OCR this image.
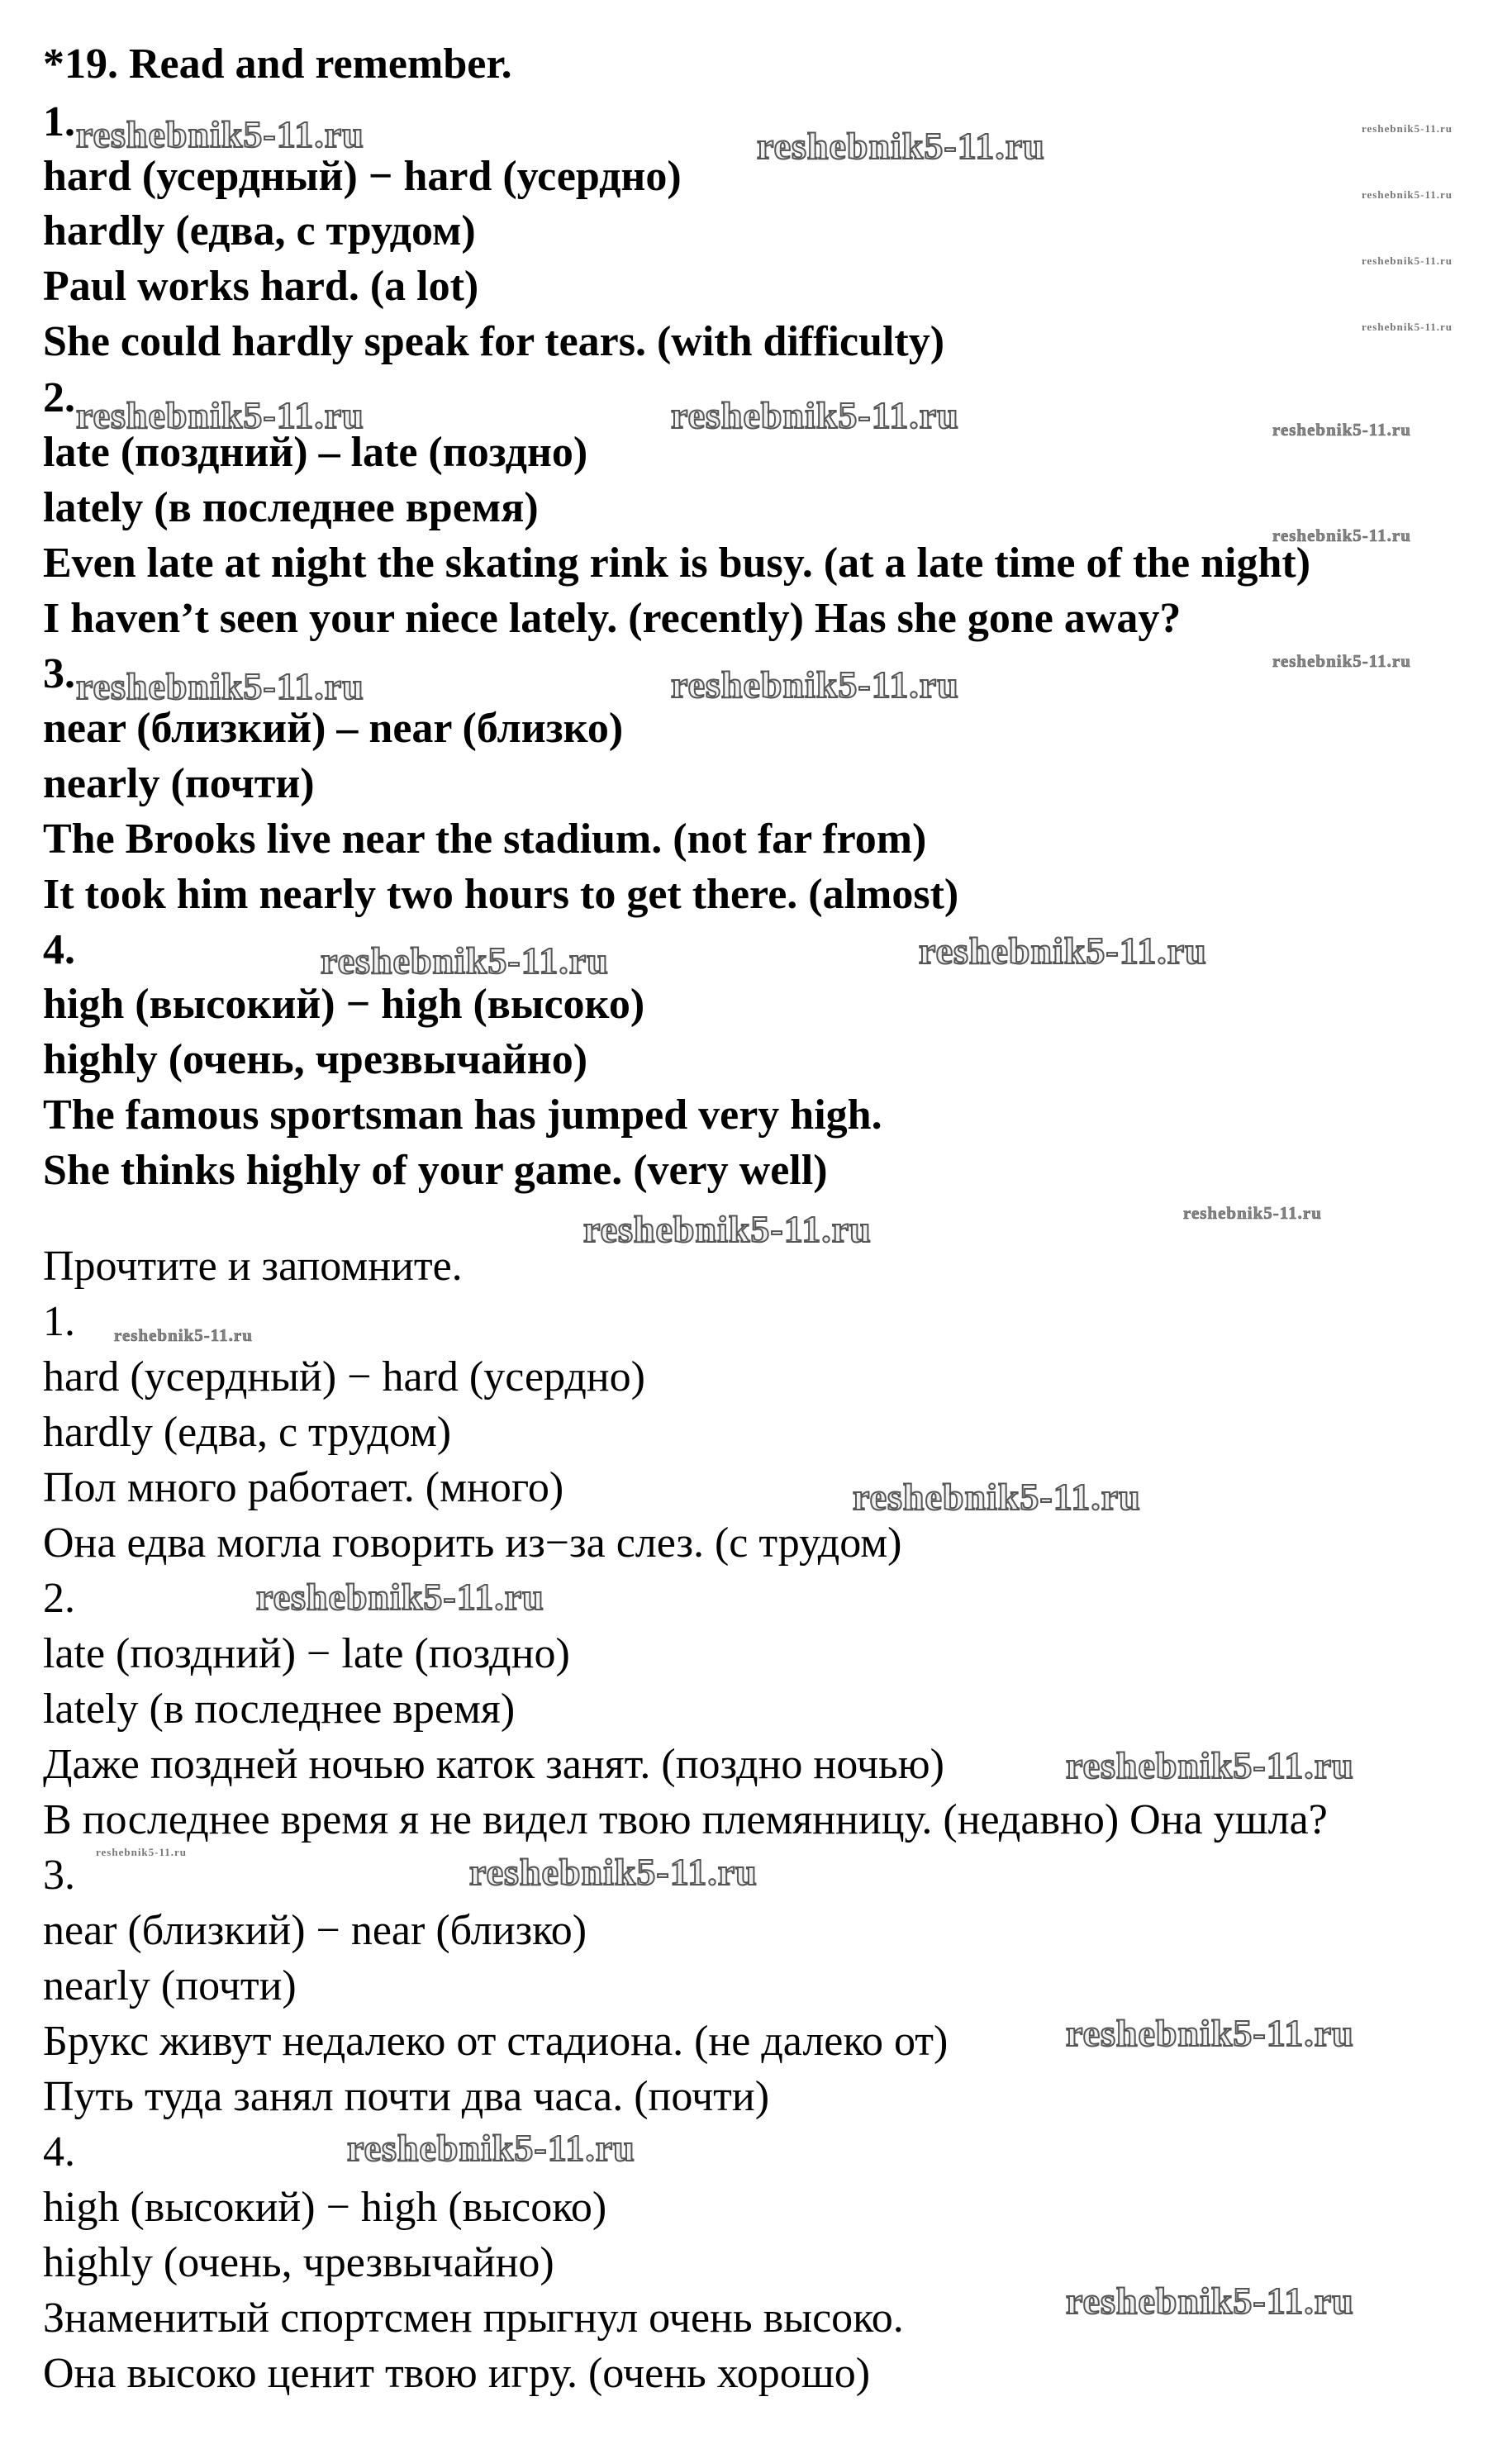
*19. Read and remember.
1.
hard (усердный) − hard (усердно)
hardly (едва, с трудом)
Paul works hard. (a lot)
She could hardly speak for tears. (with difficulty)
2.
late (поздний) – late (поздно)
lately (в последнее время)
Even late at night the skating rink is busy. (at a late time of the night)
I haven’t seen your niece lately. (recently) Has she gone away?
3.
near (близкий) – near (близко)
nearly (почти)
The Brooks live near the stadium. (not far from)
It took him nearly two hours to get there. (almost)
4.
high (высокий) − high (высоко)
highly (очень, чрезвычайно)
The famous sportsman has jumped very high.
She thinks highly of your game. (very well)
Прочтите и запомните.
1.
hard (усердный) − hard (усердно)
hardly (едва, с трудом)
Пол много работает. (много)
Она едва могла говорить из−за слез. (с трудом)
2.
late (поздний) − late (поздно)
lately (в последнее время)
Даже поздней ночью каток занят. (поздно ночью)
В последнее время я не видел твою племянницу. (недавно) Она ушла?
3.
near (близкий) − near (близко)
nearly (почти)
Брукс живут недалеко от стадиона. (не далеко от)
Путь туда занял почти два часа. (почти)
4.
high (высокий) − high (высоко)
highly (очень, чрезвычайно)
Знаменитый спортсмен прыгнул очень высоко.
Она высоко ценит твою игру. (очень хорошо)
reshebnik5-11.ru	reshebnik5-11.ru	reshebnik5-11.ru
reshebnik5-11.ru
reshebnik5-11.ru
reshebnik5-11.ru
reshebnik5-11.ru	reshebnik5-11.ru	reshebnik5-11.ru
reshebnik5-11.ru
reshebnik5-11.ru
reshebnik5-11.ru	reshebnik5-11.ru
reshebnik5-11.ru	reshebnik5-11.ru
reshebnik5-11.ru	reshebnik5-11.ru
reshebnik5-11.ru
reshebnik5-11.ru
reshebnik5-11.ru
reshebnik5-11.ru
reshebnik5-11.ru	reshebnik5-11.ru
reshebnik5-11.ru
reshebnik5-11.ru
reshebnik5-11.ru
